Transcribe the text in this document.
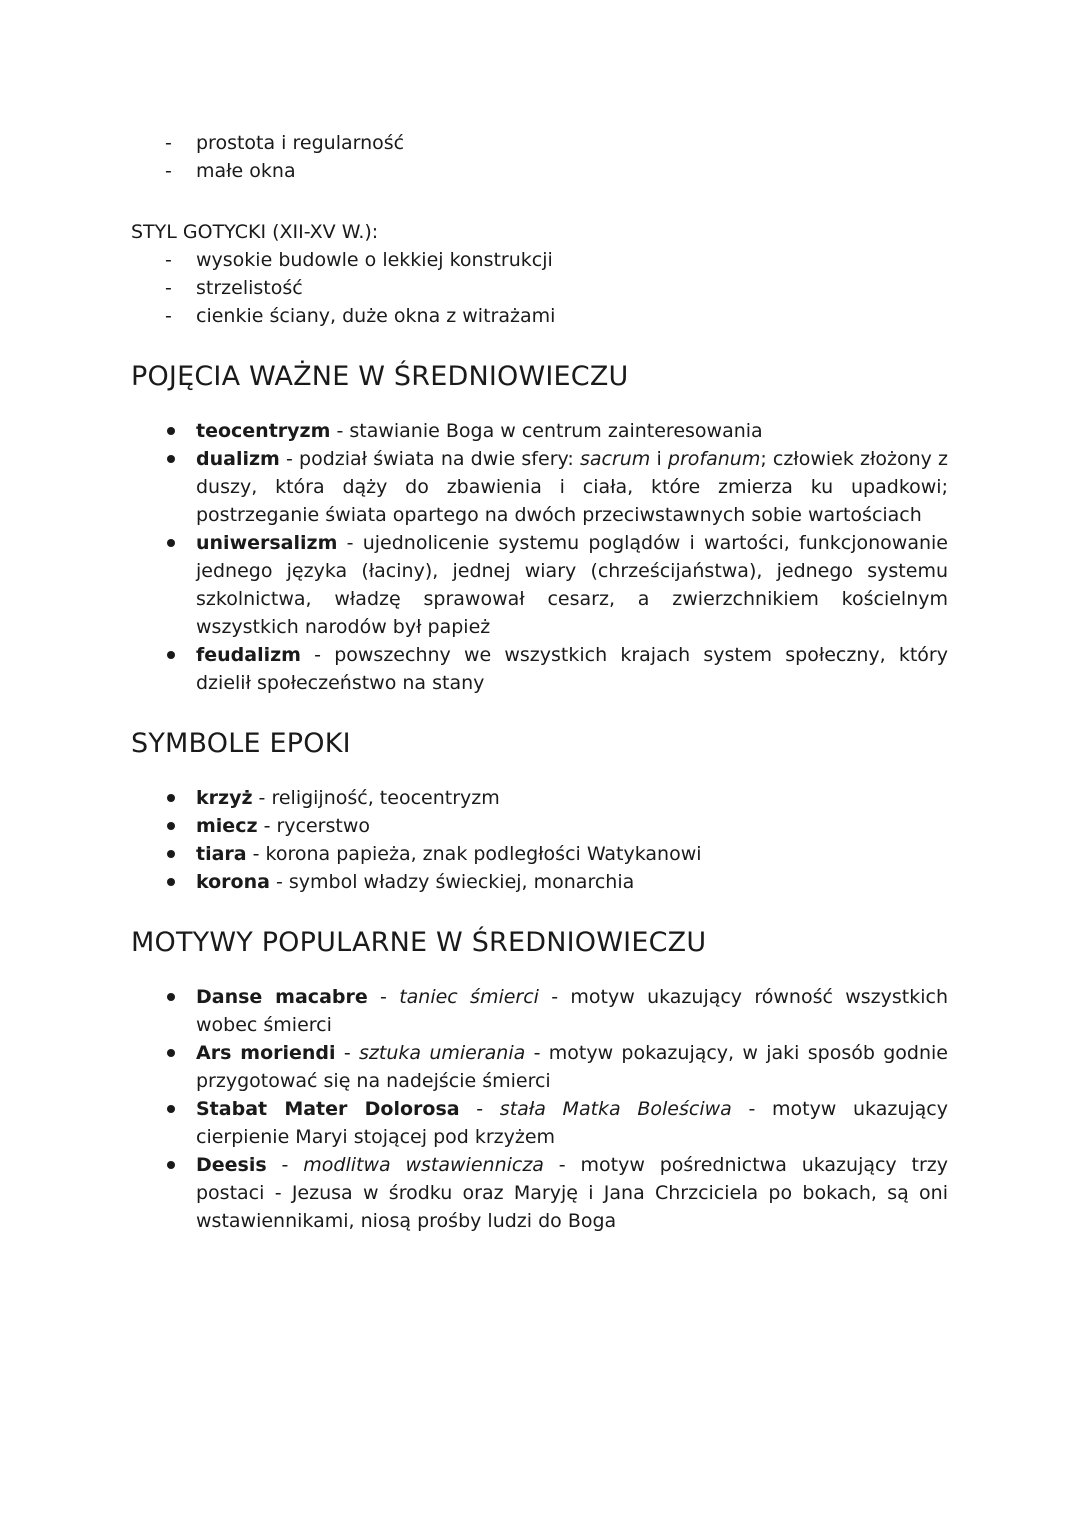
- prostota i regularność
- małe okna
STYL GOTYCKI (XII-XV W.):
- wysokie budowle o lekkiej konstrukcji
- strzelistość
- cienkie ściany, duże okna z witrażami
POJĘCIA WAŻNE W ŚREDNIOWIECZU
teocentryzm - stawianie Boga w centrum zainteresowania
dualizm - podział świata na dwie sfery: sacrum i profanum; człowiek złożony z duszy, która dąży do zbawienia i ciała, które zmierza ku upadkowi; postrzeganie świata opartego na dwóch przeciwstawnych sobie wartościach
uniwersalizm - ujednolicenie systemu poglądów i wartości, funkcjonowanie jednego języka (łaciny), jednej wiary (chrześcijaństwa), jednego systemu szkolnictwa, władzę sprawował cesarz, a zwierzchnikiem kościelnym wszystkich narodów był papież
feudalizm - powszechny we wszystkich krajach system społeczny, który dzielił społeczeństwo na stany
SYMBOLE EPOKI
krzyż - religijność, teocentryzm
miecz - rycerstwo
tiara - korona papieża, znak podległości Watykanowi
korona - symbol władzy świeckiej, monarchia
MOTYWY POPULARNE W ŚREDNIOWIECZU
Danse macabre - taniec śmierci - motyw ukazujący równość wszystkich wobec śmierci
Ars moriendi - sztuka umierania - motyw pokazujący, w jaki sposób godnie przygotować się na nadejście śmierci
Stabat Mater Dolorosa - stała Matka Boleściwa - motyw ukazujący cierpienie Maryi stojącej pod krzyżem
Deesis - modlitwa wstawiennicza - motyw pośrednictwa ukazujący trzy postaci - Jezusa w środku oraz Maryję i Jana Chrzciciela po bokach, są oni wstawiennikami, niosą prośby ludzi do Boga
